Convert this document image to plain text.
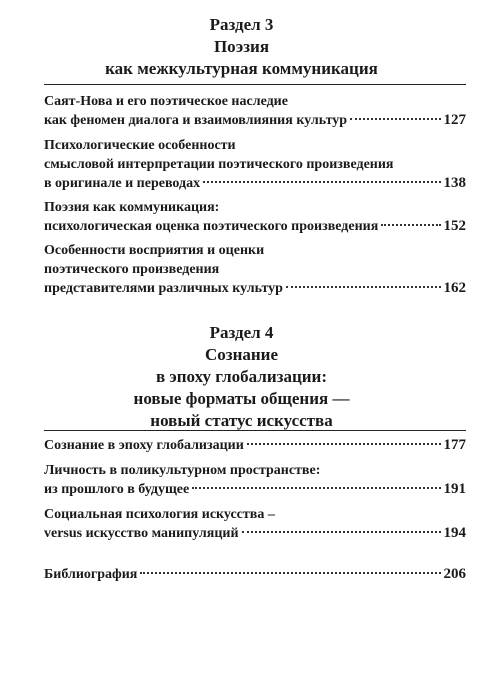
Раздел 3
Поэзия
как межкультурная коммуникация
Саят-Нова и его поэтическое наследие
как феномен диалога и взаимовлияния культур	127
Психологические особенности
смысловой интерпретации поэтического произведения
в оригинале и переводах	138
Поэзия как коммуникация:
психологическая оценка поэтического произведения	152
Особенности восприятия и оценки
поэтического произведения
представителями различных культур	162
Раздел 4
Сознание
в эпоху глобализации:
новые форматы общения —
новый статус искусства
Сознание в эпоху глобализации	177
Личность в поликультурном пространстве:
из прошлого в будущее	191
Социальная психология искусства –
versus искусство манипуляций	194
Библиография	206
